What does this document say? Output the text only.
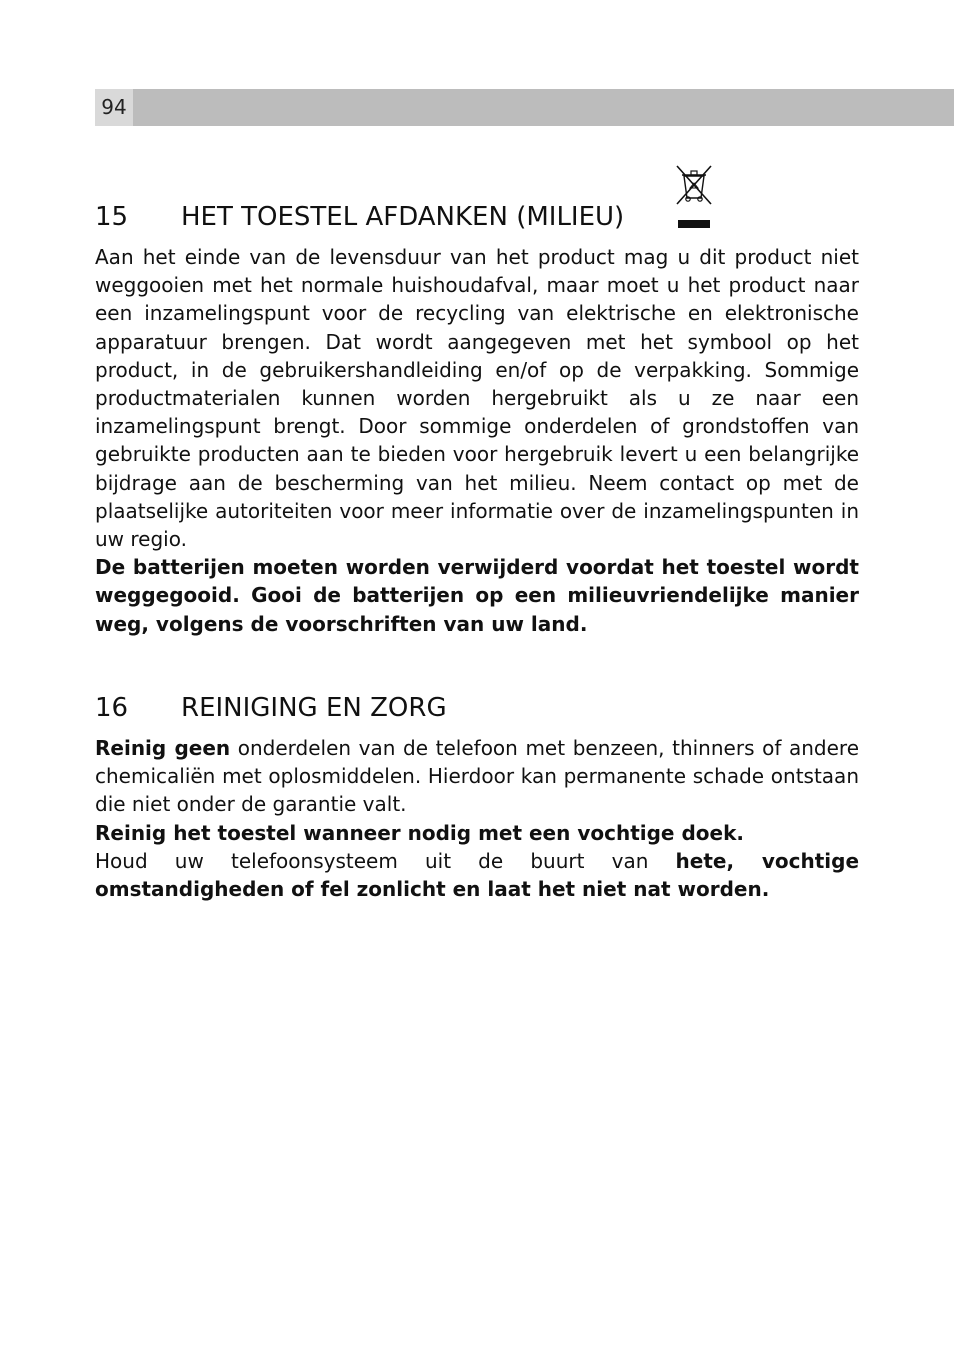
94
15 HET TOESTEL AFDANKEN (MILIEU)

Aan het einde van de levensduur van het product mag u dit product niet weggooien met het normale huishoudafval, maar moet u het product naar een inzamelingspunt voor de recycling van elektrische en elektronische apparatuur brengen. Dat wordt aangegeven met het symbool op het product, in de gebruikershandleiding en/of op de verpakking. Sommige productmaterialen kunnen worden hergebruikt als u ze naar een inzamelingspunt brengt. Door sommige onderdelen of grondstoffen van gebruikte producten aan te bieden voor hergebruik levert u een belangrijke bijdrage aan de bescherming van het milieu. Neem contact op met de plaatselijke autoriteiten voor meer informatie over de inzamelingspunten in uw regio.

De batterijen moeten worden verwijderd voordat het toestel wordt weggegooid. Gooi de batterijen op een milieuvriendelijke manier weg, volgens de voorschriften van uw land.

16 REINIGING EN ZORG

Reinig geen onderdelen van de telefoon met benzeen, thinners of andere chemicaliën met oplosmiddelen. Hierdoor kan permanente schade ontstaan die niet onder de garantie valt.

Reinig het toestel wanneer nodig met een vochtige doek.

Houd uw telefoonsysteem uit de buurt van hete, vochtige omstandigheden of fel zonlicht en laat het niet nat worden.
